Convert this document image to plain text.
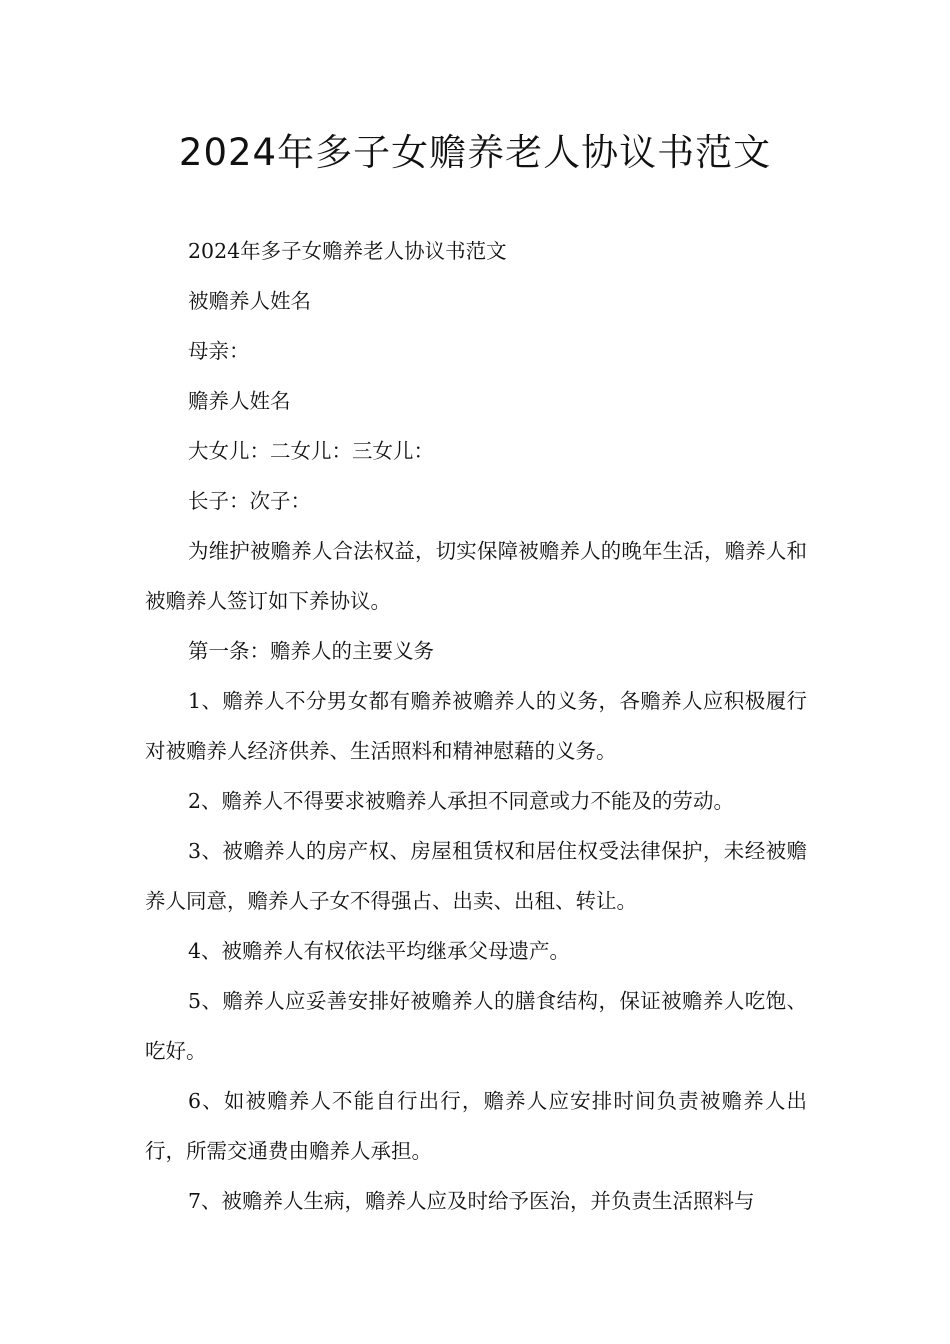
2024年多子女赡养老人协议书范文

2024年多子女赡养老人协议书范文

被赡养人姓名

母亲：

赡养人姓名

大女儿：二女儿：三女儿：

长子：次子：

为维护被赡养人合法权益，切实保障被赡养人的晚年生活，赡养人和被赡养人签订如下养协议。

第一条：赡养人的主要义务

1、赡养人不分男女都有赡养被赡养人的义务，各赡养人应积极履行对被赡养人经济供养、生活照料和精神慰藉的义务。

2、赡养人不得要求被赡养人承担不同意或力不能及的劳动。

3、被赡养人的房产权、房屋租赁权和居住权受法律保护，未经被赡养人同意，赡养人子女不得强占、出卖、出租、转让。

4、被赡养人有权依法平均继承父母遗产。

5、赡养人应妥善安排好被赡养人的膳食结构，保证被赡养人吃饱、吃好。

6、如被赡养人不能自行出行，赡养人应安排时间负责被赡养人出行，所需交通费由赡养人承担。

7、被赡养人生病，赡养人应及时给予医治，并负责生活照料与
